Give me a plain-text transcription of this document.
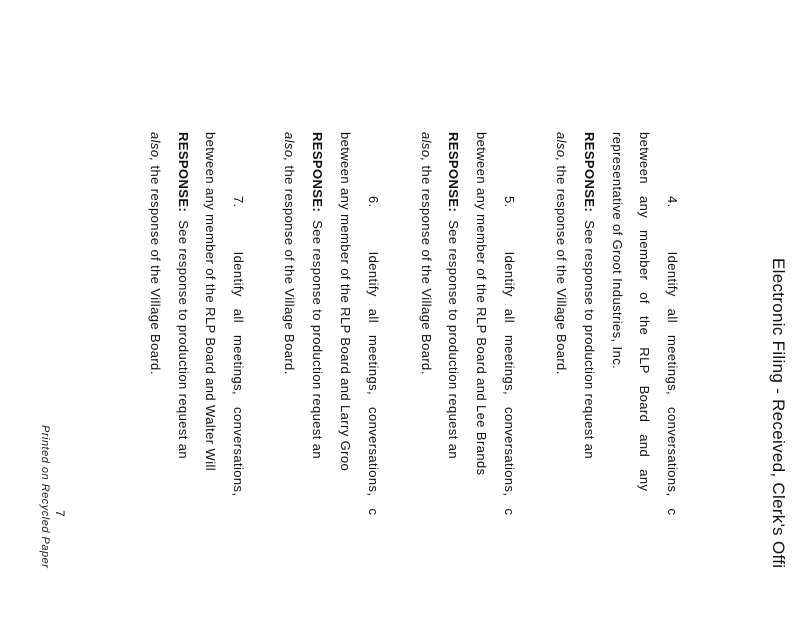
Electronic Filing - Received, Clerk's Offi
4.Identify   all   meetings,   conversations,   c
between   any   member   of   the   RLP   Board   and   any
representative of Groot Industries, Inc.
RESPONSE:  See response to production request an
also, the response of the Village Board.
5.Identify   all   meetings,   conversations,   c
between any member of the RLP Board and Lee Brands
RESPONSE:  See response to production request an
also, the response of the Village Board.
6.Identify   all   meetings,   conversations,   c
between any member of the RLP Board and Larry Groo
RESPONSE:  See response to production request an
also, the response of the Village Board.
7.Identify   all   meetings,   conversations,
between any member of the RLP Board and Walter Will
RESPONSE:  See response to production request an
also, the response of the Village Board.
7
Printed on Recycled Paper
